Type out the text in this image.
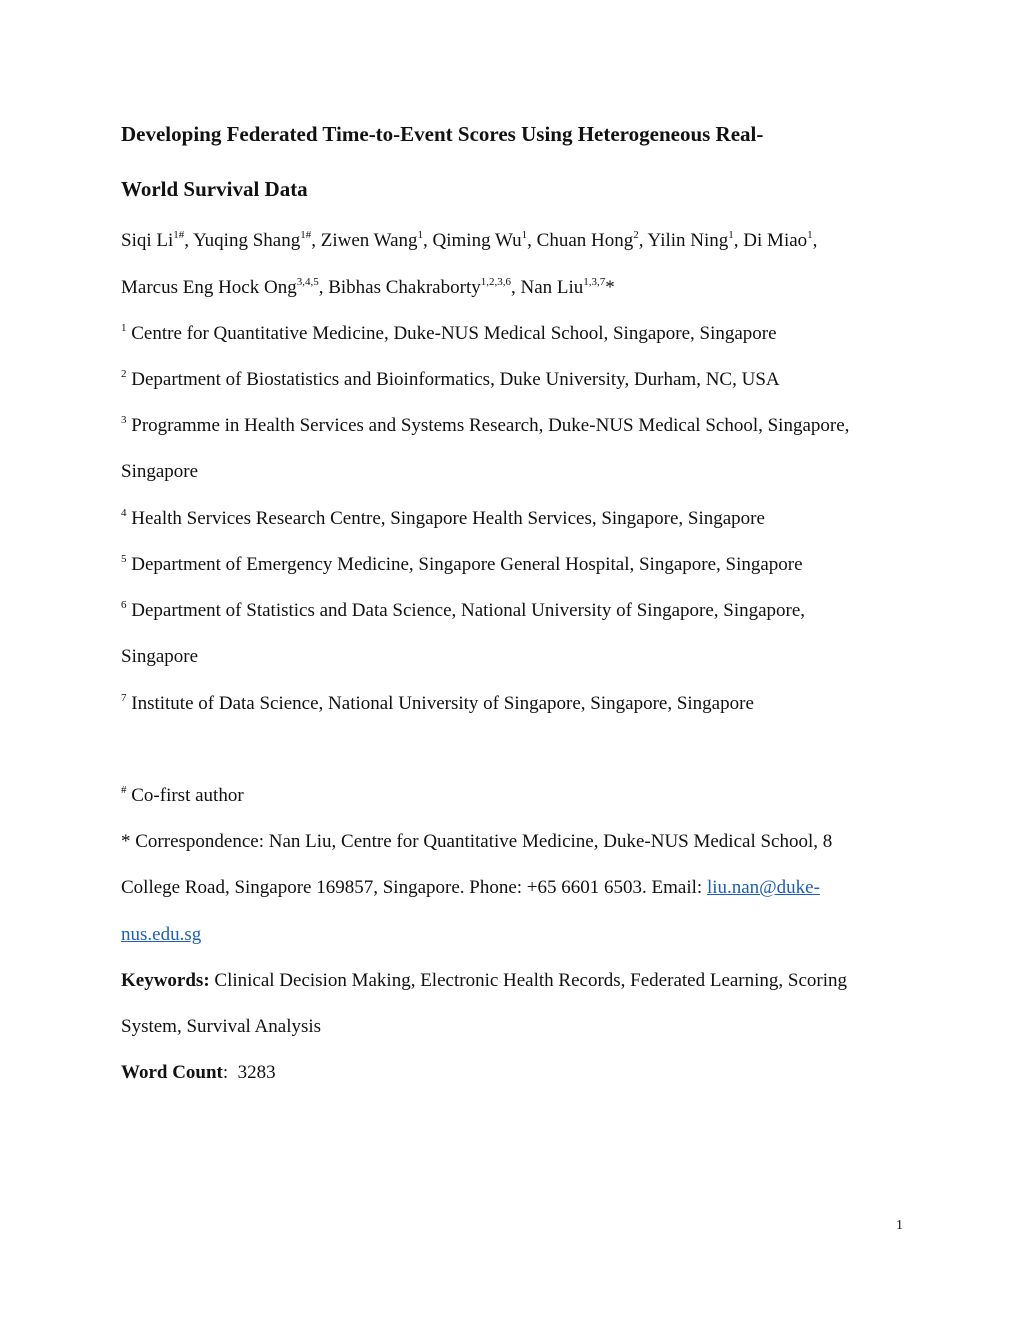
Developing Federated Time-to-Event Scores Using Heterogeneous Real-
World Survival Data
Siqi $Li^{1\#}$, Yuqing Shang$^{1\#}$, Ziwen Wang$^1$, Qiming Wu$^1$, Chuan Hong$^2$, Yilin Ning$^1$, Di Miao$^1$,
Marcus Eng Hock Ong$^{3,4,5}$, Bibhas Chakraborty$^{1,2,3,6}$, Nan Liu$^{1,3,7}$*
$^1$ Centre for Quantitative Medicine, Duke-NUS Medical School, Singapore, Singapore
$^2$ Department of Biostatistics and Bioinformatics, Duke University, Durham, NC, USA
$^3$ Programme in Health Services and Systems Research, Duke-NUS Medical School, Singapore,
Singapore
$^4$ Health Services Research Centre, Singapore Health Services, Singapore, Singapore
$^5$ Department of Emergency Medicine, Singapore General Hospital, Singapore, Singapore
$^6$ Department of Statistics and Data Science, National University of Singapore, Singapore,
Singapore
$^7$ Institute of Data Science, National University of Singapore, Singapore, Singapore
# Co-first author
* Correspondence: Nan Liu, Centre for Quantitative Medicine, Duke-NUS Medical School, 8
College Road, Singapore 169857, Singapore. Phone: +65 6601 6503. Email: liu.nan@duke-
nus.edu.sg
Keywords: Clinical Decision Making, Electronic Health Records, Federated Learning, Scoring
System, Survival Analysis
Word Count:  3283
1
